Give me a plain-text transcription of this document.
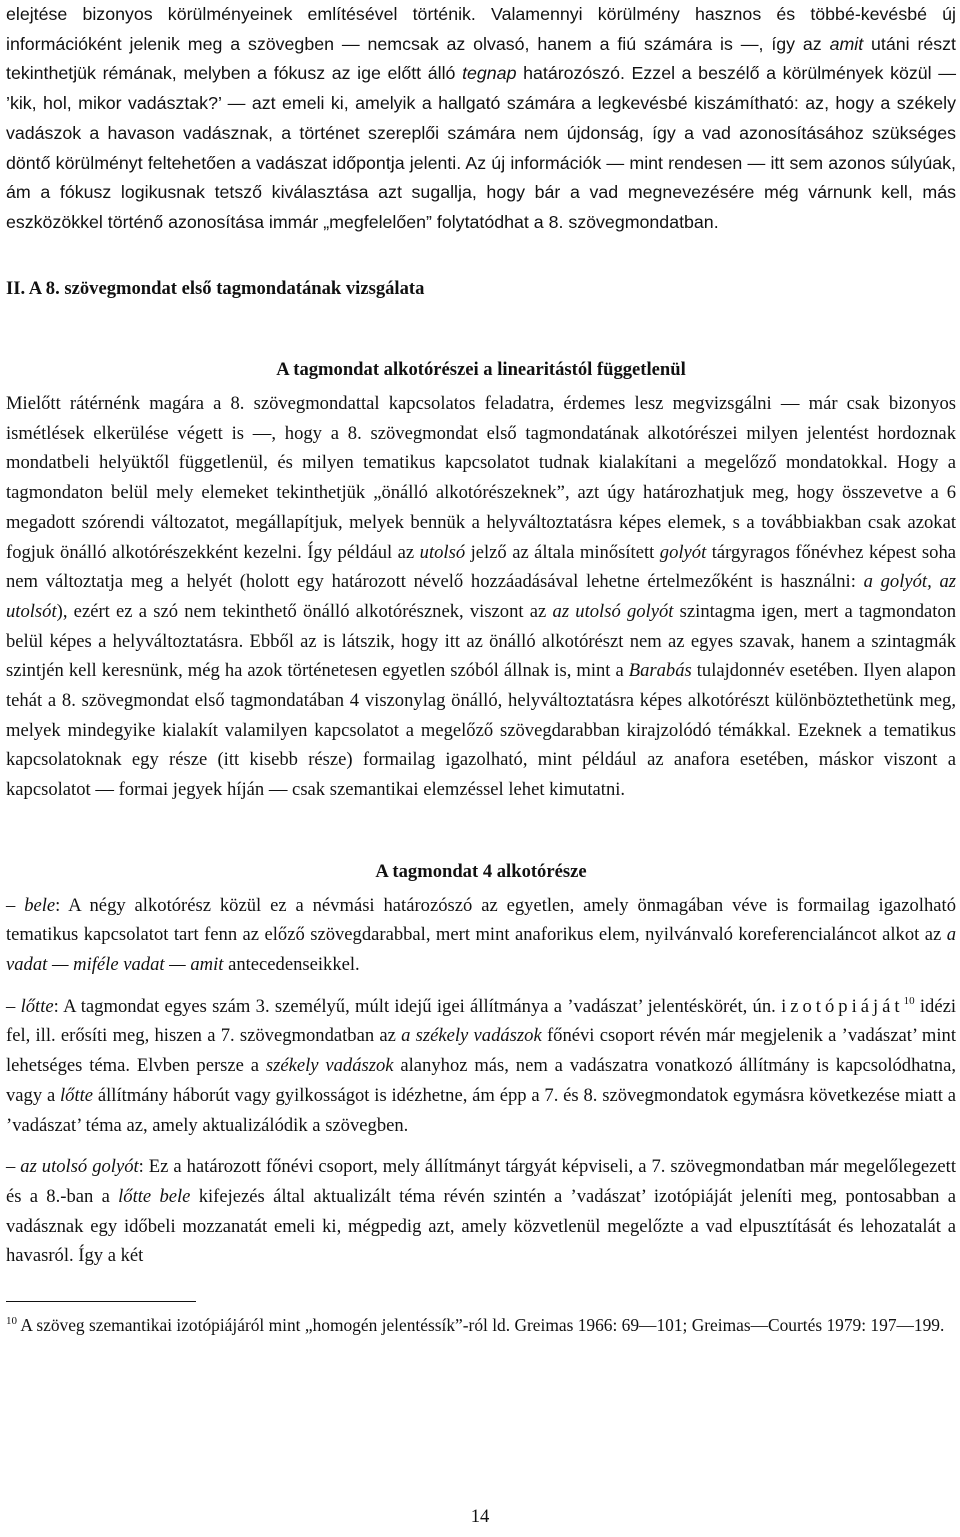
elejtése bizonyos körülményeinek említésével történik. Valamennyi körülmény hasznos és többé-kevésbé új információként jelenik meg a szövegben — nemcsak az olvasó, hanem a fiú számára is —, így az amit utáni részt tekinthetjük rémának, melyben a fókusz az ige előtt álló tegnap határozószó. Ezzel a beszélő a körülmények közül — ’kik, hol, mikor vadásztak?’ — azt emeli ki, amelyik a hallgató számára a legkevésbé kiszámítható: az, hogy a székely vadászok a havason vadásznak, a történet szereplői számára nem újdonság, így a vad azonosításához szükséges döntő körülményt feltehetően a vadászat időpontja jelenti. Az új információk — mint rendesen — itt sem azonos súlyúak, ám a fókusz logikusnak tetsző kiválasztása azt sugallja, hogy bár a vad megnevezésére még várnunk kell, más eszközökkel történő azonosítása immár „megfelelően” folytatódhat a 8. szövegmondatban.

II. A 8. szövegmondat első tagmondatának vizsgálata

A tagmondat alkotórészei a linearitástól függetlenül

Mielőtt rátérnénk magára a 8. szövegmondattal kapcsolatos feladatra, érdemes lesz megvizsgálni — már csak bizonyos ismétlések elkerülése végett is —, hogy a 8. szövegmondat első tagmondatának alkotórészei milyen jelentést hordoznak mondatbeli helyüktől függetlenül, és milyen tematikus kapcsolatot tudnak kialakítani a megelőző mondatokkal. Hogy a tagmondaton belül mely elemeket tekinthetjük „önálló alkotórészeknek”, azt úgy határozhatjuk meg, hogy összevetve a 6 megadott szórendi változatot, megállapítjuk, melyek bennük a helyváltoztatásra képes elemek, s a továbbiakban csak azokat fogjuk önálló alkotórészekként kezelni. Így például az utolsó jelző az általa minősített golyót tárgyragos főnévhez képest soha nem változtatja meg a helyét (holott egy határozott névelő hozzáadásával lehetne értelmezőként is használni: a golyót, az utolsót), ezért ez a szó nem tekinthető önálló alkotórésznek, viszont az az utolsó golyót szintagma igen, mert a tagmondaton belül képes a helyváltoztatásra. Ebből az is látszik, hogy itt az önálló alkotórészt nem az egyes szavak, hanem a szintagmák szintjén kell keresnünk, még ha azok történetesen egyetlen szóból állnak is, mint a Barabás tulajdonnév esetében. Ilyen alapon tehát a 8. szövegmondat első tagmondatában 4 viszonylag önálló, helyváltoztatásra képes alkotórészt különböztethetünk meg, melyek mindegyike kialakít valamilyen kapcsolatot a megelőző szövegdarabban kirajzolódó témákkal. Ezeknek a tematikus kapcsolatoknak egy része (itt kisebb része) formailag igazolható, mint például az anafora esetében, máskor viszont a kapcsolatot — formai jegyek híján — csak szemantikai elemzéssel lehet kimutatni.

A tagmondat 4 alkotórésze

– bele: A négy alkotórész közül ez a névmási határozószó az egyetlen, amely önmagában véve is formailag igazolható tematikus kapcsolatot tart fenn az előző szövegdarabbal, mert mint anaforikus elem, nyilvánvaló koreferencialáncot alkot az a vadat — miféle vadat — amit antecedenseikkel.

– lőtte: A tagmondat egyes szám 3. személyű, múlt idejű igei állítmánya a ’vadászat’ jelentéskörét, ún. izotópiáját$^{10}$ idézi fel, ill. erősíti meg, hiszen a 7. szövegmondatban az a székely vadászok főnévi csoport révén már megjelenik a ’vadászat’ mint lehetséges téma. Elvben persze a székely vadászok alanyhoz más, nem a vadászatra vonatkozó állítmány is kapcsolódhatna, vagy a lőtte állítmány háborút vagy gyilkosságot is idézhetne, ám épp a 7. és 8. szövegmondatok egymásra következése miatt a ’vadászat’ téma az, amely aktualizálódik a szövegben.

– az utolsó golyót: Ez a határozott főnévi csoport, mely állítmányt tárgyát képviseli, a 7. szövegmondatban már megelőlegezett és a 8.-ban a lőtte bele kifejezés által aktualizált téma révén szintén a ’vadászat’ izotópiáját jeleníti meg, pontosabban a vadásznak egy időbeli mozzanatát emeli ki, mégpedig azt, amely közvetlenül megelőzte a vad elpusztítását és lehozatalát a havasról. Így a két

$^{10}$ A szöveg szemantikai izotópiájáról mint „homogén jelentéssík”-ról ld. Greimas 1966: 69—101; Greimas—Courtés 1979: 197—199.

14
